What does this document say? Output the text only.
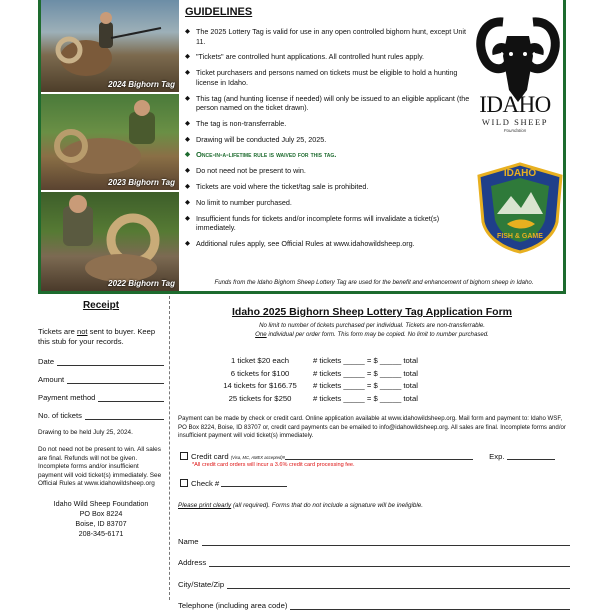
2024 Bighorn Tag
2023 Bighorn Tag
2022 Bighorn Tag
GUIDELINES
◆ The 2025 Lottery Tag is valid for use in any open controlled bighorn hunt, except Unit 11.
◆ "Tickets" are controlled hunt applications. All controlled hunt rules apply.
◆ Ticket purchasers and persons named on tickets must be eligible to hold a hunting license in Idaho.
◆ This tag (and hunting license if needed) will only be issued to an eligible applicant (the person named on the ticket drawn).
◆ The tag is non-transferrable.
◆ Drawing will be conducted July 25, 2025.
◆ Once-in-a-lifetime rule is waived for this tag.
◆ Do not need not be present to win.
◆ Tickets are void where the ticket/tag sale is prohibited.
◆ No limit to number purchased.
◆ Insufficient funds for tickets and/or incomplete forms will invalidate a ticket(s) immediately.
◆ Additional rules apply, see Official Rules at www.idahowildsheep.org.
IDAHO
WILD SHEEP
Foundation
IDAHO
FISH & GAME
Funds from the Idaho Bighorn Sheep Lottery Tag are used for the benefit and enhancement of bighorn sheep in Idaho.
Receipt
Tickets are not sent to buyer. Keep this stub for your records.
Date
Amount
Payment method
No. of tickets
Drawing to be held July 25, 2024.
Do not need not be present to win. All sales are final. Refunds will not be given. Incomplete forms and/or insufficient payment will void ticket(s) immediately. See Official Rules at www.idahowildsheep.org
Idaho Wild Sheep Foundation
PO Box 8224
Boise, ID 83707
208-345-6171
Idaho 2025 Bighorn Sheep Lottery Tag Application Form
No limit to number of tickets purchased per individual. Tickets are non-transferrable.
One individual per order form. This form may be copied. No limit to number purchased.
1 ticket $20 each	# tickets _____ = $ _____ total
6 tickets for $100	# tickets _____ = $ _____ total
14 tickets for $166.75	# tickets _____ = $ _____ total
25 tickets for $250	# tickets _____ = $ _____ total
Payment can be made by check or credit card. Online application available at www.idahowildsheep.org. Mail form and payment to: Idaho WSF, PO Box 8224, Boise, ID 83707 or, credit card payments can be emailed to info@idahowildsheep.org. All sales are final. Incomplete forms and/or insufficient payment will void ticket(s) immediately.
Credit card (Visa, MC, AMEX accepted)#	Exp.
*All credit card orders will incur a 3.6% credit card processing fee.
Check #
Please print clearly (all required). Forms that do not include a signature will be ineligible.
Name
Address
City/State/Zip
Telephone (including area code)
